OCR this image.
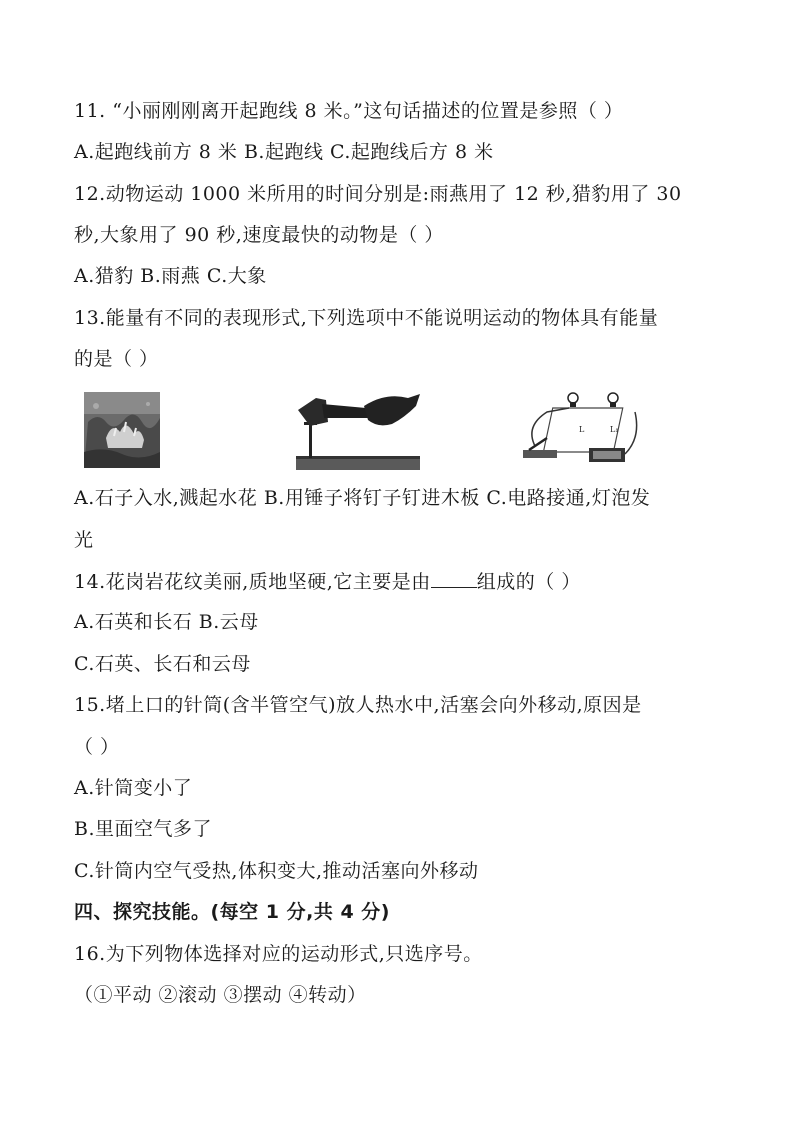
11. “小丽刚刚离开起跑线 8 米。”这句话描述的位置是参照（ ）
A.起跑线前方 8 米 B.起跑线 C.起跑线后方 8 米
12.动物运动 1000 米所用的时间分别是:雨燕用了 12 秒,猎豹用了 30
秒,大象用了 90 秒,速度最快的动物是（ ）
A.猎豹 B.雨燕 C.大象
13.能量有不同的表现形式,下列选项中不能说明运动的物体具有能量
的是（ ）
L	L₁
A.石子入水,溅起水花 B.用锤子将钉子钉进木板 C.电路接通,灯泡发
光
14.花岗岩花纹美丽,质地坚硬,它主要是由 组成的（ ）
A.石英和长石 B.云母
C.石英、长石和云母
15.堵上口的针筒(含半管空气)放人热水中,活塞会向外移动,原因是
（ ）
A.针筒变小了
B.里面空气多了
C.针筒内空气受热,体积变大,推动活塞向外移动
四、探究技能。(每空 1 分,共 4 分)
16.为下列物体选择对应的运动形式,只选序号。
（①平动 ②滚动 ③摆动 ④转动）
